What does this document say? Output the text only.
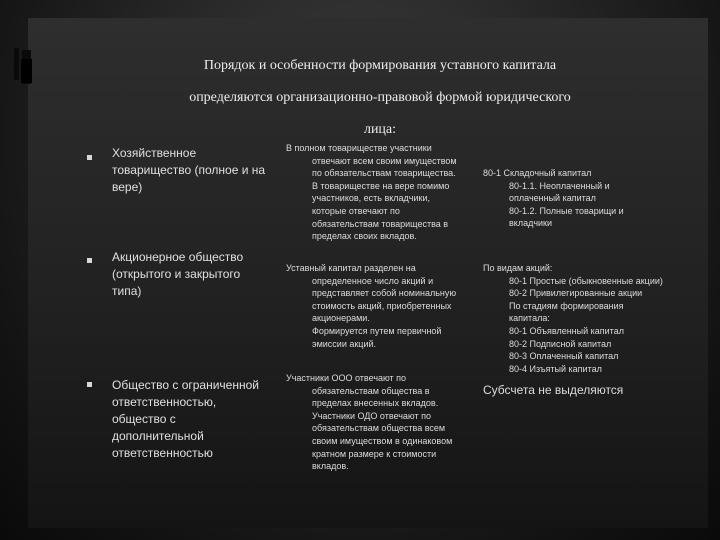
Порядок и особенности формирования уставного капитала
определяются организационно-правовой формой юридического
лица:
Хозяйственное
товарищество (полное и на
вере)
В полном товариществе участники
отвечают всем своим имуществом
по обязательствам товарищества.
В товариществе на вере помимо
участников, есть вкладчики,
которые отвечают по
обязательствам товарищества в
пределах своих вкладов.
80-1 Складочный капитал
80-1.1. Неоплаченный и
оплаченный капитал
80-1.2. Полные товарищи и
вкладчики
Акционерное общество
(открытого и закрытого
типа)
Уставный капитал разделен на
определенное число акций и
представляет собой номинальную
стоимость акций, приобретенных
акционерами.
Формируется путем первичной
эмиссии акций.
По видам акций:
80-1 Простые (обыкновенные акции)
80-2 Привилегированные акции
По стадиям формирования
капитала:
80-1 Объявленный капитал
80-2 Подписной капитал
80-3 Оплаченный капитал
80-4 Изъятый капитал
Общество с ограниченной
ответственностью,
общество с
дополнительной
ответственностью
Участники ООО отвечают по
обязательствам общества в
пределах внесенных вкладов.
Участники ОДО отвечают по
обязательствам общества всем
своим имуществом в одинаковом
кратном размере к стоимости
вкладов.
Субсчета не выделяются
